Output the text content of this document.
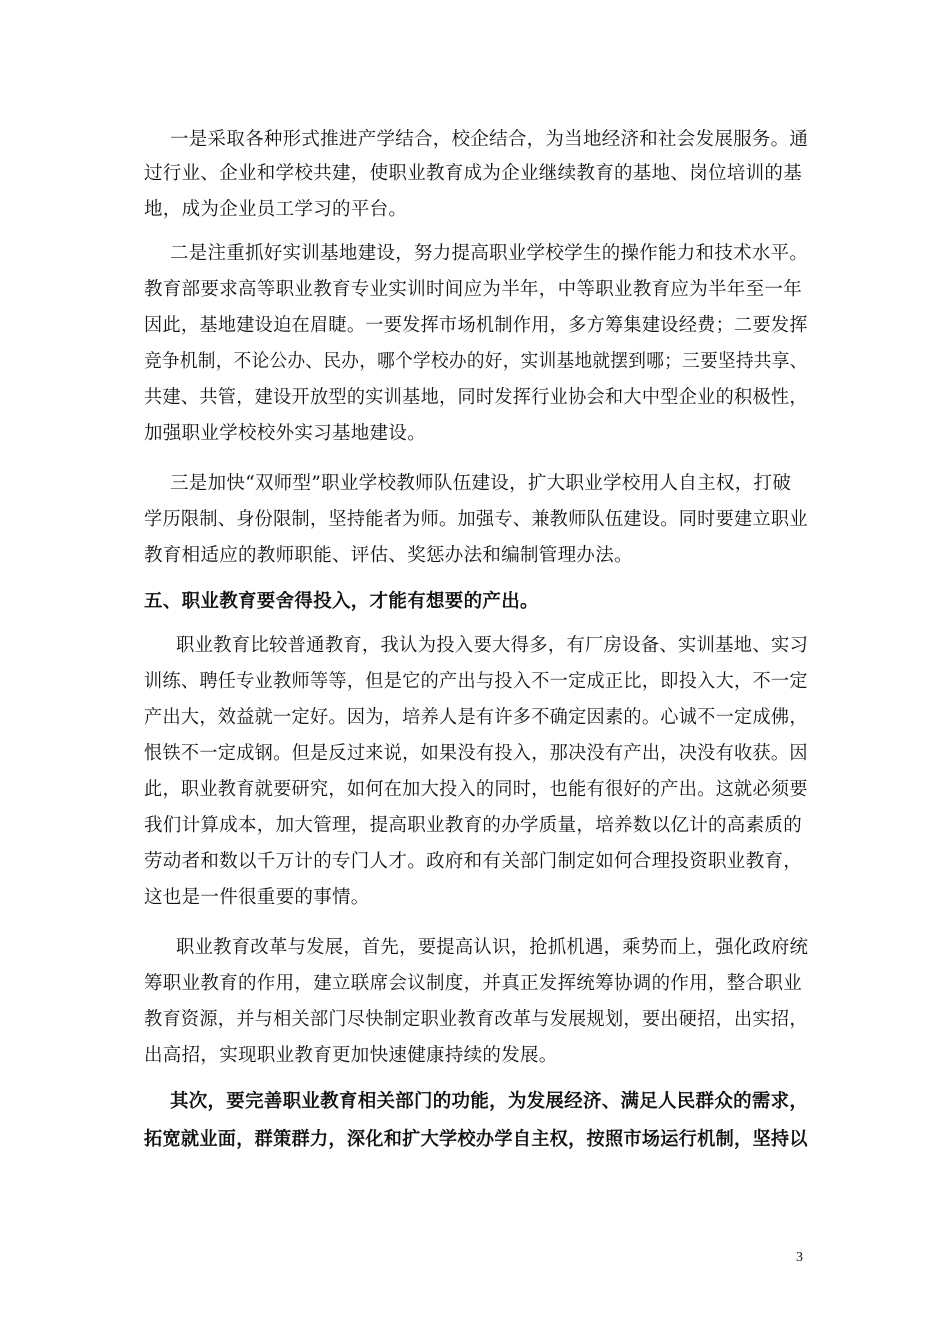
一是采取各种形式推进产学结合，校企结合，为当地经济和社会发展服务。通
过行业、企业和学校共建，使职业教育成为企业继续教育的基地、岗位培训的基
地，成为企业员工学习的平台。
二是注重抓好实训基地建设，努力提高职业学校学生的操作能力和技术水平。
教育部要求高等职业教育专业实训时间应为半年，中等职业教育应为半年至一年
因此，基地建设迫在眉睫。一要发挥市场机制作用，多方筹集建设经费；二要发挥
竞争机制，不论公办、民办，哪个学校办的好，实训基地就摆到哪；三要坚持共享、
共建、共管，建设开放型的实训基地，同时发挥行业协会和大中型企业的积极性，
加强职业学校校外实习基地建设。
三是加快“双师型”职业学校教师队伍建设，扩大职业学校用人自主权，打破
学历限制、身份限制，坚持能者为师。加强专、兼教师队伍建设。同时要建立职业
教育相适应的教师职能、评估、奖惩办法和编制管理办法。
五、职业教育要舍得投入，才能有想要的产出。
职业教育比较普通教育，我认为投入要大得多，有厂房设备、实训基地、实习
训练、聘任专业教师等等，但是它的产出与投入不一定成正比，即投入大，不一定
产出大，效益就一定好。因为，培养人是有许多不确定因素的。心诚不一定成佛，
恨铁不一定成钢。但是反过来说，如果没有投入，那决没有产出，决没有收获。因
此，职业教育就要研究，如何在加大投入的同时，也能有很好的产出。这就必须要
我们计算成本，加大管理，提高职业教育的办学质量，培养数以亿计的高素质的
劳动者和数以千万计的专门人才。政府和有关部门制定如何合理投资职业教育，
这也是一件很重要的事情。
职业教育改革与发展，首先，要提高认识，抢抓机遇，乘势而上，强化政府统
筹职业教育的作用，建立联席会议制度，并真正发挥统筹协调的作用，整合职业
教育资源，并与相关部门尽快制定职业教育改革与发展规划，要出硬招，出实招，
出高招，实现职业教育更加快速健康持续的发展。
其次，要完善职业教育相关部门的功能，为发展经济、满足人民群众的需求，
拓宽就业面，群策群力，深化和扩大学校办学自主权，按照市场运行机制，坚持以
3
